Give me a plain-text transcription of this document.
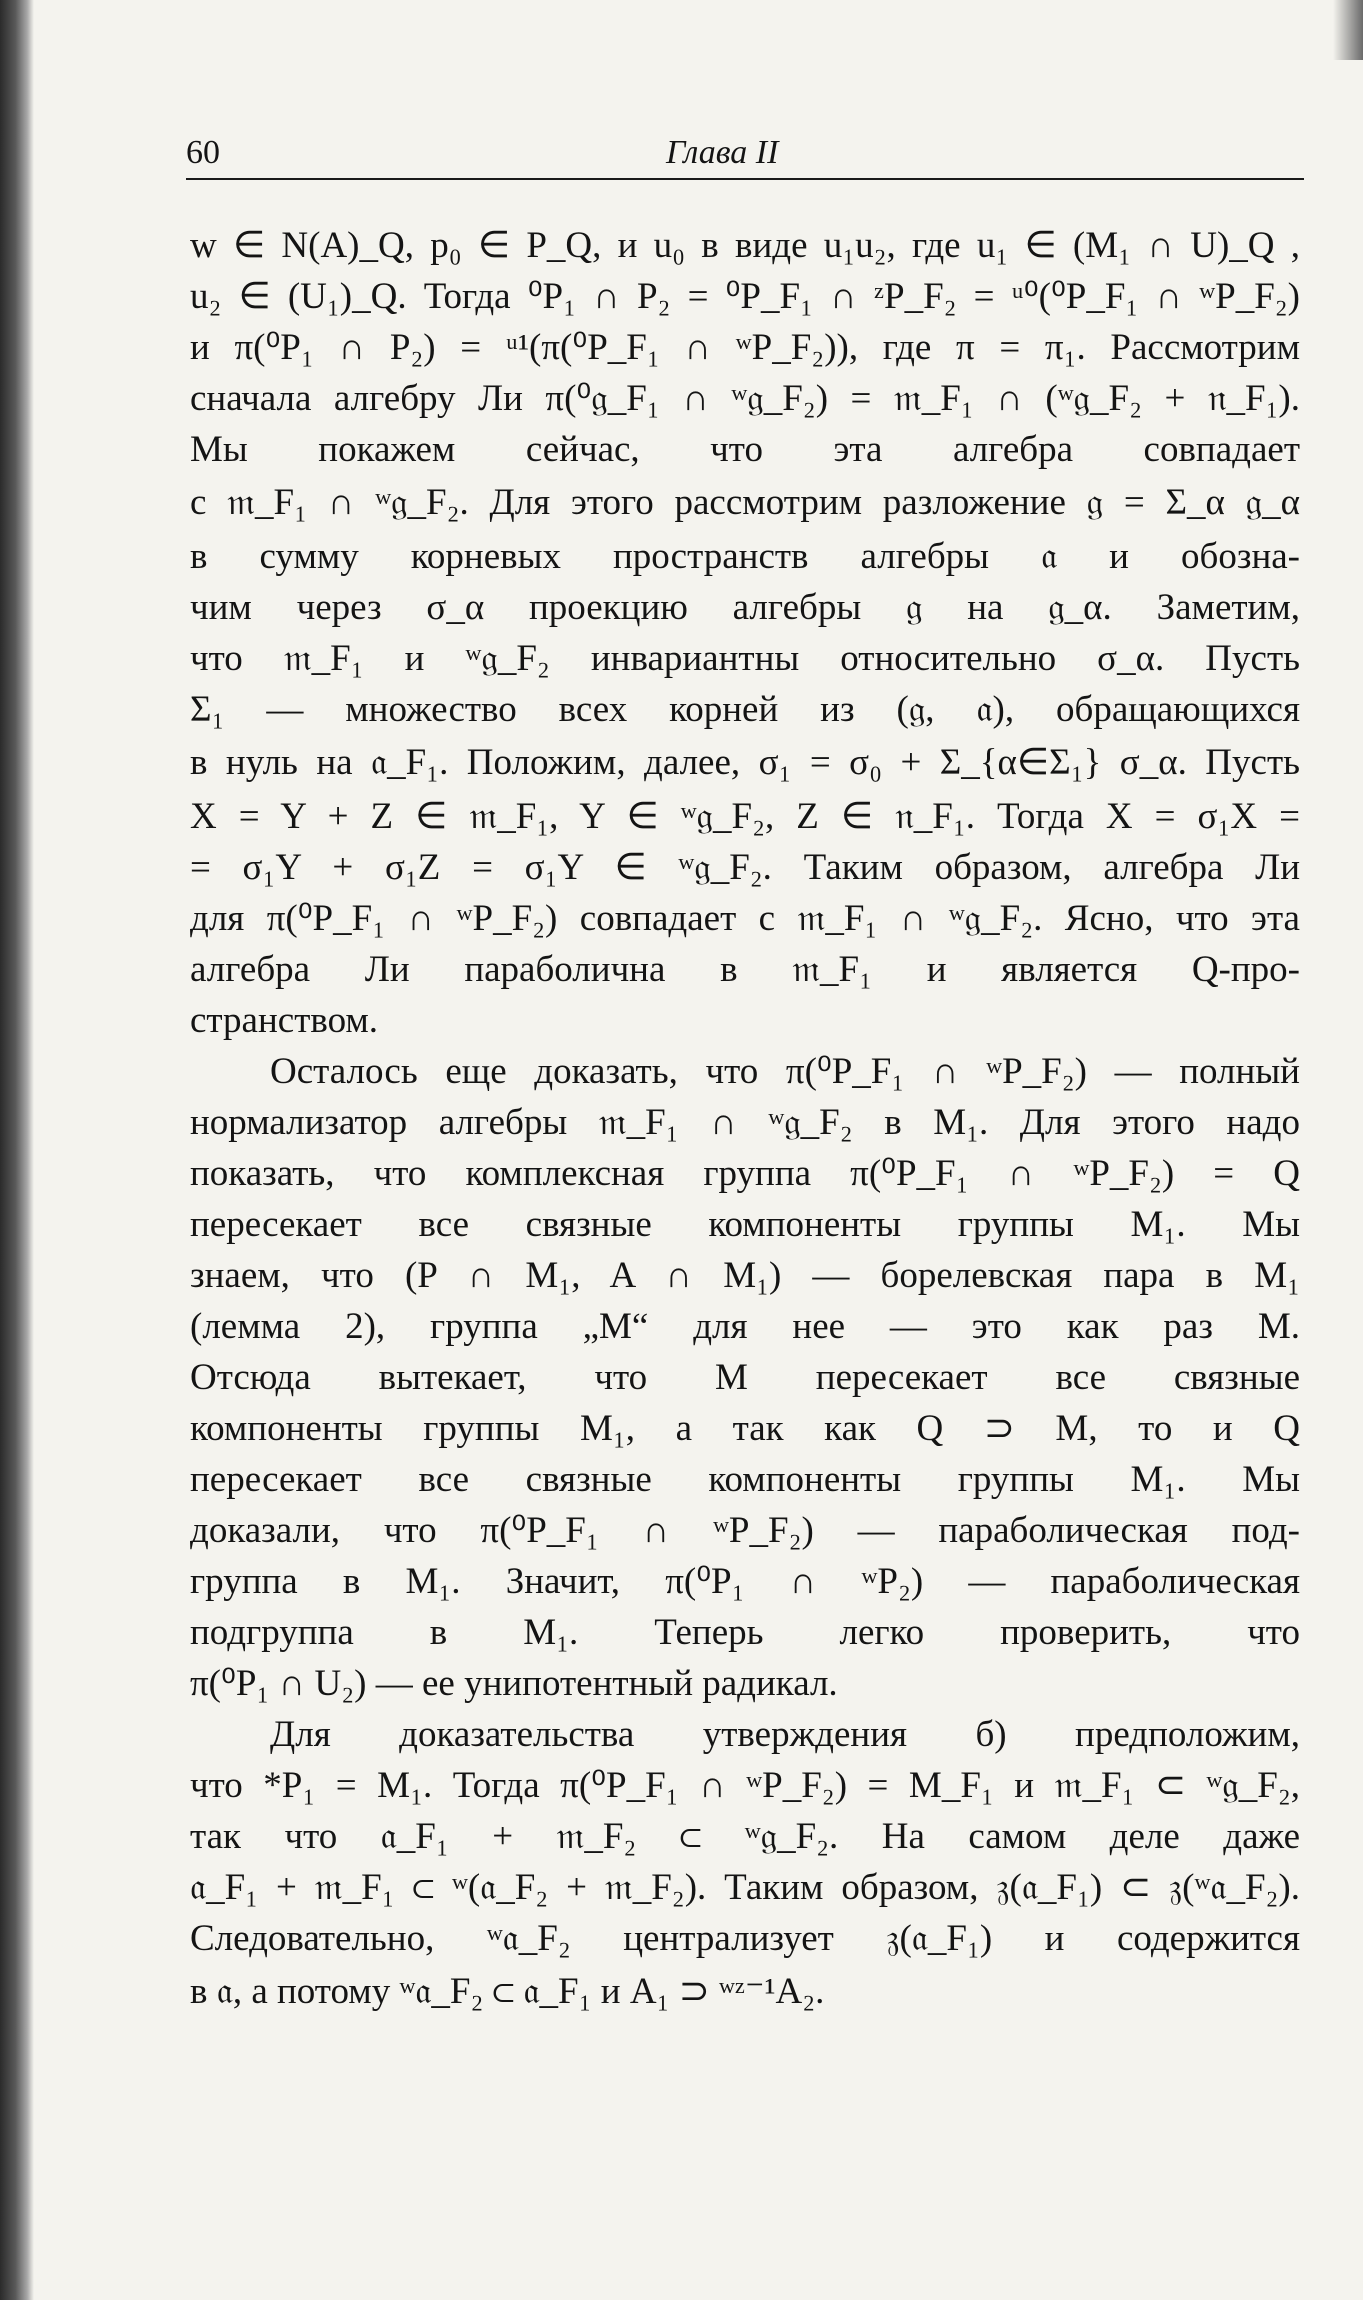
60	Глава II
w ∈ N(A)_Q, p₀ ∈ P_Q, и u₀ в виде u₁u₂, где u₁ ∈ (M₁ ∩ U)_Q ,
u₂ ∈ (U₁)_Q. Тогда ⁰P₁ ∩ P₂ = ⁰P_F₁ ∩ ᶻP_F₂ = ᵘ⁰(⁰P_F₁ ∩ ʷP_F₂)
и π(⁰P₁ ∩ P₂) = ᵘ¹(π(⁰P_F₁ ∩ ʷP_F₂)), где π = π₁. Рассмотрим
сначала алгебру Ли π(⁰𝔤_F₁ ∩ ʷ𝔤_F₂) = 𝔪_F₁ ∩ (ʷ𝔤_F₂ + 𝔫_F₁).
Мы покажем сейчас, что эта алгебра совпадает
с 𝔪_F₁ ∩ ʷ𝔤_F₂. Для этого рассмотрим разложение 𝔤 = Σ_α 𝔤_α
в сумму корневых пространств алгебры 𝔞 и обозна-
чим через σ_α проекцию алгебры 𝔤 на 𝔤_α. Заметим,
что 𝔪_F₁ и ʷ𝔤_F₂ инвариантны относительно σ_α. Пусть
Σ₁ — множество всех корней из (𝔤, 𝔞), обращающихся
в нуль на 𝔞_F₁. Положим, далее, σ₁ = σ₀ + Σ_{α∈Σ₁} σ_α. Пусть
X = Y + Z ∈ 𝔪_F₁, Y ∈ ʷ𝔤_F₂, Z ∈ 𝔫_F₁. Тогда X = σ₁X =
= σ₁Y + σ₁Z = σ₁Y ∈ ʷ𝔤_F₂. Таким образом, алгебра Ли
для π(⁰P_F₁ ∩ ʷP_F₂) совпадает с 𝔪_F₁ ∩ ʷ𝔤_F₂. Ясно, что эта
алгебра Ли параболична в 𝔪_F₁ и является Q-про-
странством.
Осталось еще доказать, что π(⁰P_F₁ ∩ ʷP_F₂) — полный
нормализатор алгебры 𝔪_F₁ ∩ ʷ𝔤_F₂ в M₁. Для этого надо
показать, что комплексная группа π(⁰P_F₁ ∩ ʷP_F₂) = Q
пересекает все связные компоненты группы M₁. Мы
знаем, что (P ∩ M₁, A ∩ M₁) — борелевская пара в M₁
(лемма 2), группа „M“ для нее — это как раз M.
Отсюда вытекает, что M пересекает все связные
компоненты группы M₁, а так как Q ⊃ M, то и Q
пересекает все связные компоненты группы M₁. Мы
доказали, что π(⁰P_F₁ ∩ ʷP_F₂) — параболическая под-
группа в M₁. Значит, π(⁰P₁ ∩ ʷP₂) — параболическая
подгруппа в M₁. Теперь легко проверить, что
π(⁰P₁ ∩ U₂) — ее унипотентный радикал.
Для доказательства утверждения б) предположим,
что *P₁ = M₁. Тогда π(⁰P_F₁ ∩ ʷP_F₂) = M_F₁ и 𝔪_F₁ ⊂ ʷ𝔤_F₂,
так что 𝔞_F₁ + 𝔪_F₂ ⊂ ʷ𝔤_F₂. На самом деле даже
𝔞_F₁ + 𝔪_F₁ ⊂ ʷ(𝔞_F₂ + 𝔪_F₂). Таким образом, 𝔷(𝔞_F₁) ⊂ 𝔷(ʷ𝔞_F₂).
Следовательно, ʷ𝔞_F₂ централизует 𝔷(𝔞_F₁) и содержится
в 𝔞, а потому ʷ𝔞_F₂ ⊂ 𝔞_F₁ и A₁ ⊃ ʷᶻ⁻¹A₂.
